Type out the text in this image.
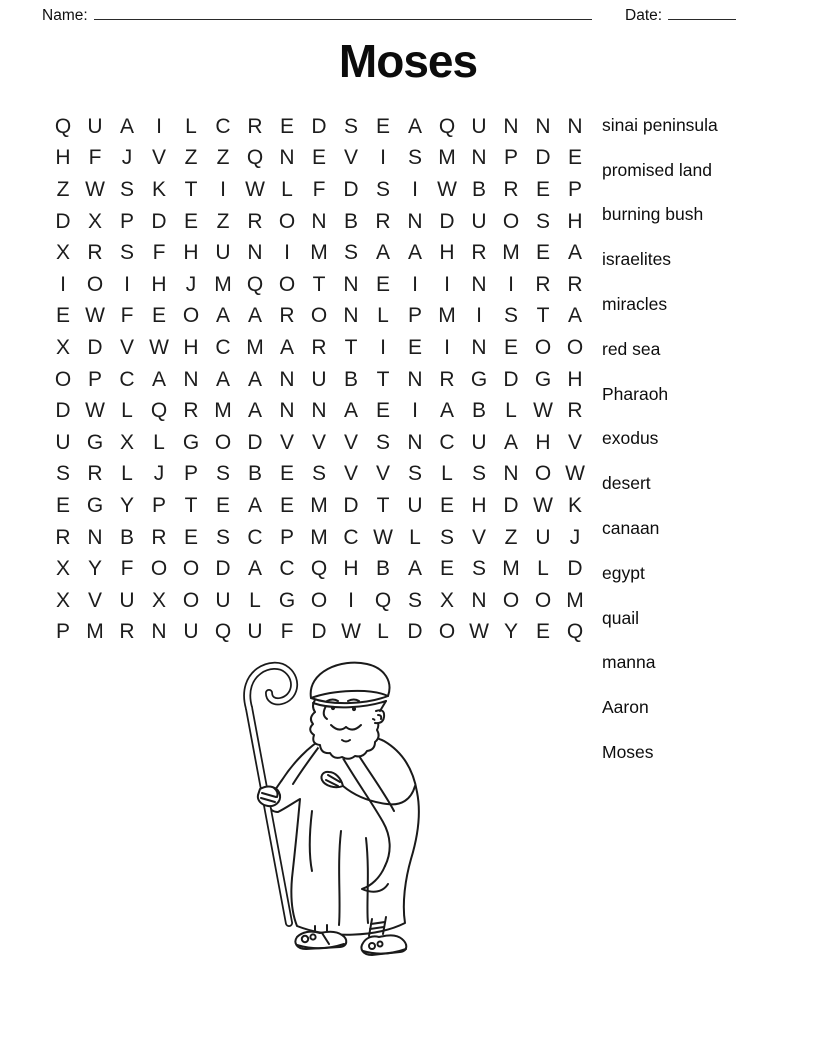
Name:	Date:
Moses
Q U A	I	L C R E D S E A Q U N N N
H F J V Z Z Q N E V	I	S M N P D E
Z W S K T	I W L F D S	I W B R E P
D X P D E Z R O N B R N D U O S H
X R S F H U N	I M S A A H R M E A
I O I	H J M Q O T N E	I	I	N	I	R R
E W F E O A A R O N L P M I	S T A
X D V W H C M A R T	I	E	I	N E O O
O P C A N A A N U B T N R G D G H
D W L Q R M A N N A E	I	A B L W R
U G X L G O D V V V S N C U A H V
S R L J P S B E S V V S L S N O W
E G Y P T E A E M D T U E H D W K
R N B R E S C P M C W L S V Z U J
X Y F O O D A C Q H B A E S M L D
X V U X O U L G O I Q S X N O O M
P M R N U Q U F D W L D O W Y E Q
sinai peninsula
promised land
burning bush
israelites
miracles
red sea
Pharaoh
exodus
desert
canaan
egypt
quail
manna
Aaron
Moses
